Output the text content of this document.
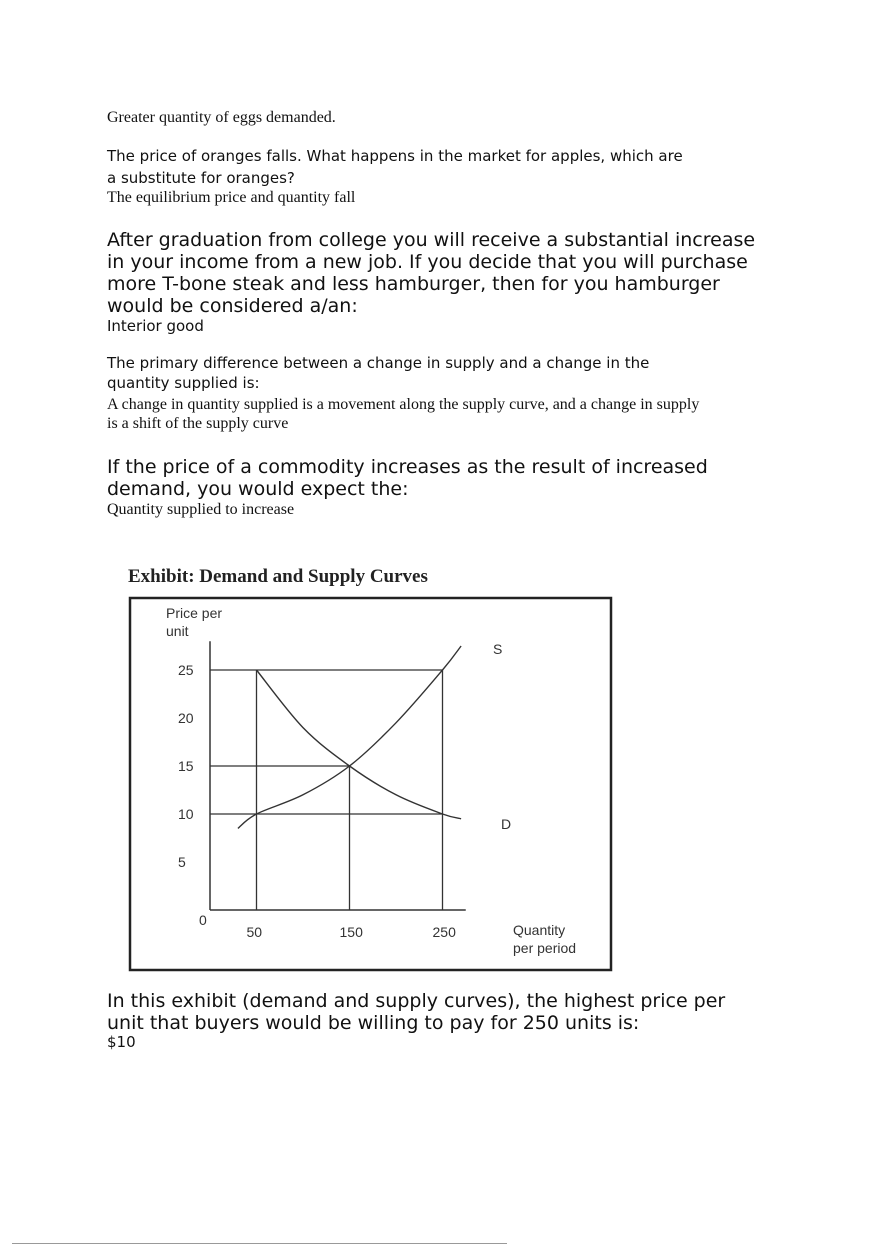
Greater quantity of eggs demanded.
The price of oranges falls. What happens in the market for apples, which are
a substitute for oranges?
The equilibrium price and quantity fall
After graduation from college you will receive a substantial increase
in your income from a new job. If you decide that you will purchase
more T-bone steak and less hamburger, then for you hamburger
would be considered a/an:
Interior good
The primary difference between a change in supply and a change in the
quantity supplied is:
A change in quantity supplied is a movement along the supply curve, and a change in supply
is a shift of the supply curve
If the price of a commodity increases as the result of increased
demand, you would expect the:
Quantity supplied to increase
Exhibit: Demand and Supply Curves
Price per
unit
Quantity
per period
0
S
D
5
10
15
20
25
50	150	250
In this exhibit (demand and supply curves), the highest price per
unit that buyers would be willing to pay for 250 units is:
$10
